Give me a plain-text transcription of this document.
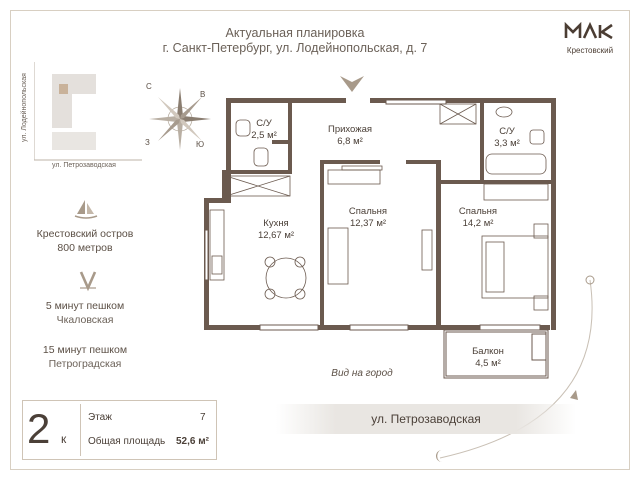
Актуальная планировка
г. Санкт-Петербург, ул. Лодейнопольская, д. 7	Крестовский
ул. Лодейнопольская
ул. Петрозаводская
С
В
Ю
З
Крестовский остров
800 метров
5 минут пешком
Чкаловская
15 минут пешком
Петроградская
С/У
2,5 м²
Прихожая
6,8 м²
С/У
3,3 м²
Кухня
12,67 м²
Спальня
12,37 м²
Спальня
14,2 м²
Балкон
4,5 м²
Вид на город
ул. Петрозаводская
2 к
Этаж	7
Общая площадь 52,6 м²
